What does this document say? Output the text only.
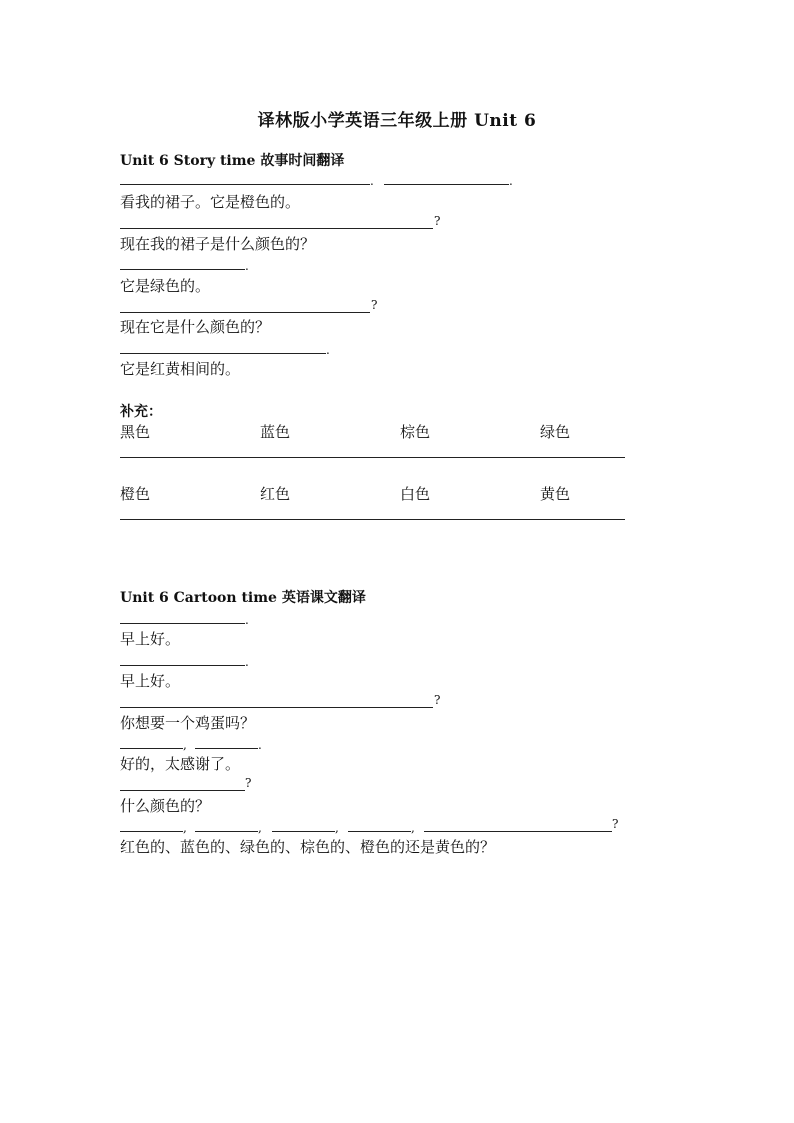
译林版小学英语三年级上册 Unit 6
Unit 6 Story time 故事时间翻译
.	.
看我的裙子。它是橙色的。
?
现在我的裙子是什么颜色的？
.
它是绿色的。
?
现在它是什么颜色的？
.
它是红黄相间的。
补充：
黑色	蓝色	棕色	绿色
橙色	红色	白色	黄色
Unit 6 Cartoon time 英语课文翻译
.
早上好。
.
早上好。
?
你想要一个鸡蛋吗？
,	.
好的，太感谢了。
?
什么颜色的？
,	,	,	,	?
红色的、蓝色的、绿色的、棕色的、橙色的还是黄色的？
